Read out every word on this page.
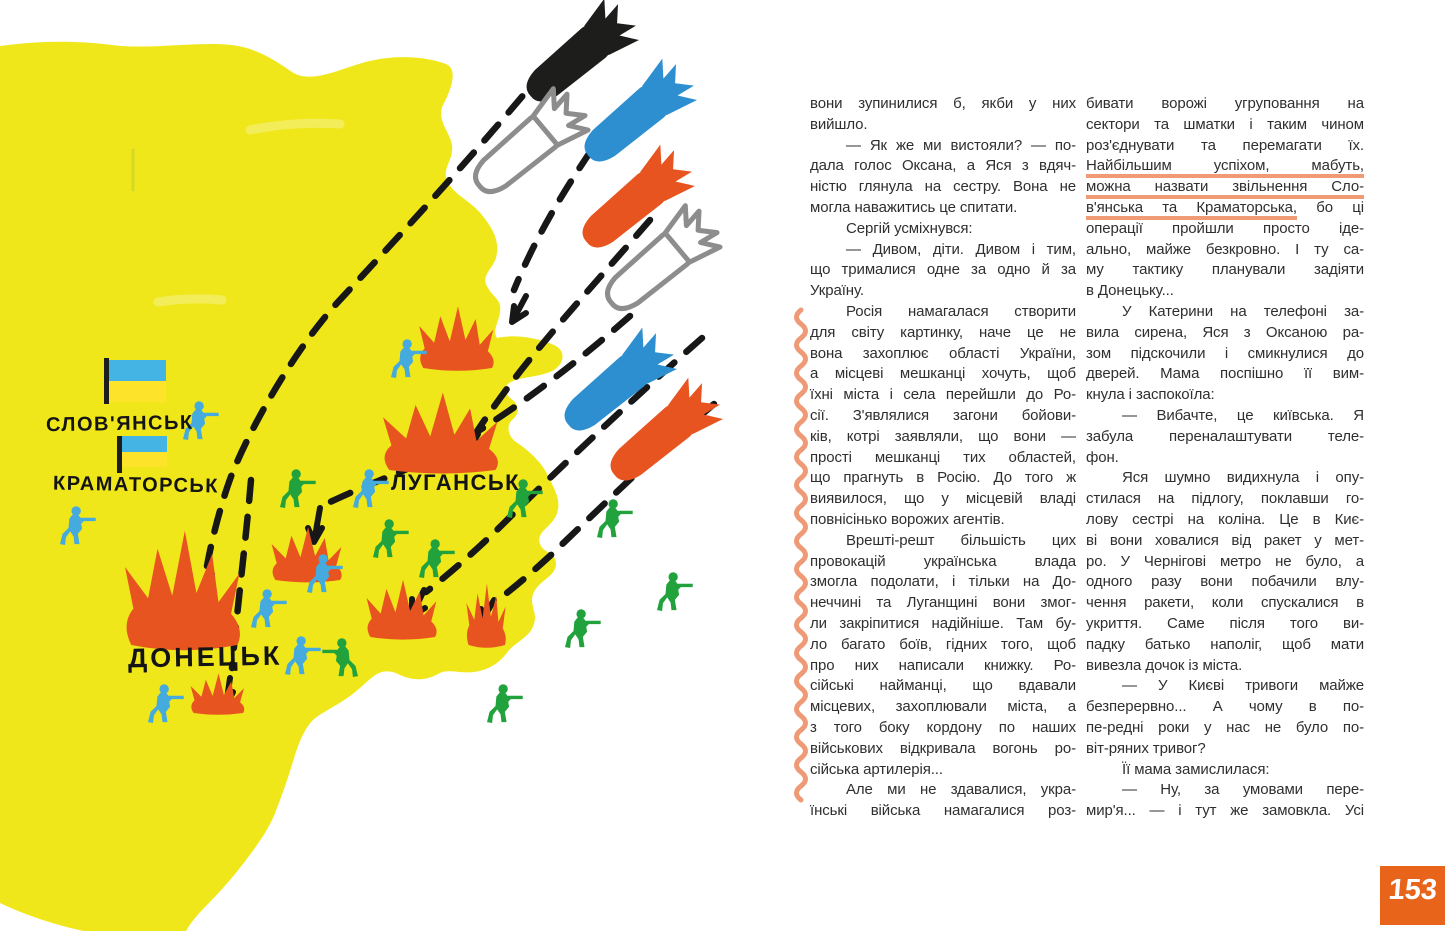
СЛОВ'ЯНСЬК
КРАМАТОРСЬК	ЛУГАНСЬК
ДОНЕЦЬК
вони зупинилися б, якби у них
вийшло.
— Як же ми вистояли? — по-
дала голос Оксана, а Яся з вдяч-
ністю глянула на сестру. Вона не
могла наважитись це спитати.
Сергій усміхнувся:
— Дивом, діти. Дивом і тим,
що трималися одне за одно й за
Україну.
Росія намагалася створити
для світу картинку, наче це не
вона захоплює області України,
а місцеві мешканці хочуть, щоб
їхні міста і села перейшли до Ро-
сії. З'являлися загони бойови-
ків, котрі заявляли, що вони —
прості мешканці тих областей,
що прагнуть в Росію. До того ж
виявилося, що у місцевій владі
повнісінько ворожих агентів.
Врешті-решт більшість цих
провокацій українська влада
змогла подолати, і тільки на До-
неччині та Луганщині вони змог-
ли закріпитися надійніше. Там бу-
ло багато боїв, гідних того, щоб
про них написали книжку. Ро-
сійські найманці, що вдавали
місцевих, захоплювали міста, а
з того боку кордону по наших
військових відкривала вогонь ро-
сійська артилерія...
Але ми не здавалися, укра-
їнські війська намагалися роз-
бивати ворожі угруповання на
сектори та шматки і таким чином
роз'єднувати та перемагати їх.
Найбільшим успіхом, мабуть,
можна назвати звільнення Сло-
в'янська та Краматорська, бо ці
операції пройшли просто іде-
ально, майже безкровно. І ту са-
му тактику планували задіяти
в Донецьку...
У Катерини на телефоні за-
вила сирена, Яся з Оксаною ра-
зом підскочили і смикнулися до
дверей. Мама поспішно її вим-
кнула і заспокоїла:
— Вибачте, це київська. Я
забула переналаштувати теле-
фон.
Яся шумно видихнула і опу-
стилася на підлогу, поклавши го-
лову сестрі на коліна. Це в Киє-
ві вони ховалися від ракет у мет-
ро. У Чернігові метро не було, а
одного разу вони побачили влу-
чення ракети, коли спускалися в
укриття. Саме після того ви-
падку батько наполіг, щоб мати
вивезла дочок із міста.
— У Києві тривоги майже
безперервно... А чому в по-
пе-редні роки у нас не було по-
віт-ряних тривог?
Її мама замислилася:
— Ну, за умовами пере-
мир'я... — і тут же замовкла. Усі
153
